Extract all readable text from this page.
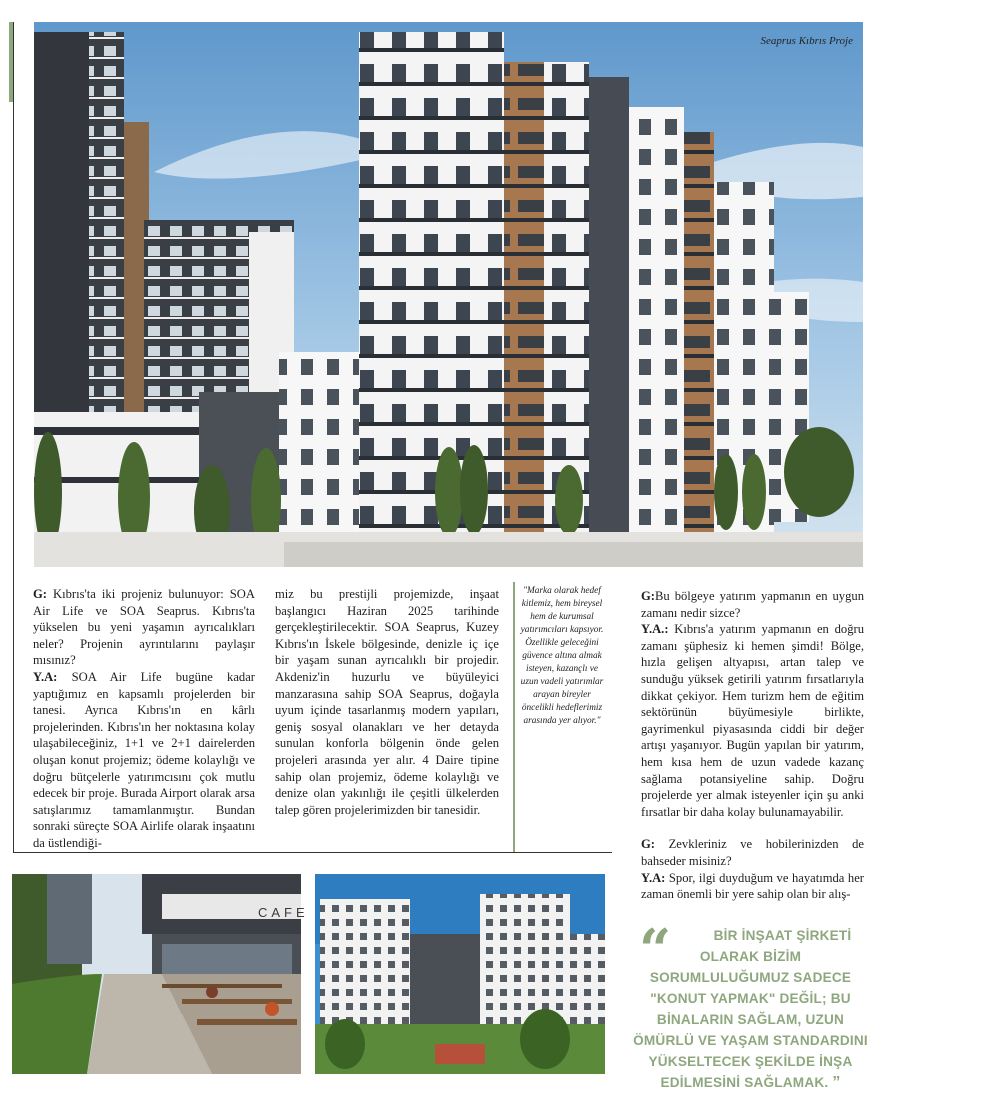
Seaprus Kıbrıs Proje

G: Kıbrıs'ta iki projeniz bulunuyor: SOA Air Life ve SOA Seaprus. Kıbrıs'ta yükselen bu yeni yaşamın ayrıcalıkları neler? Projenin ayrıntılarını paylaşır mısınız?

Y.A: SOA Air Life bugüne kadar yaptığımız en kapsamlı projelerden bir tanesi. Ayrıca Kıbrıs'ın en kârlı projelerinden. Kıbrıs'ın her noktasına kolay ulaşabileceğiniz, 1+1 ve 2+1 dairelerden oluşan konut projemiz; ödeme kolaylığı ve doğru bütçelerle yatırımcısını çok mutlu edecek bir proje. Burada Airport olarak arsa satışlarımız tamamlanmıştır. Bundan sonraki süreçte SOA Airlife olarak inşaatını da üstlendiği-

miz bu prestijli projemizde, inşaat başlangıcı Haziran 2025 tarihinde gerçekleştirilecektir. SOA Seaprus, Kuzey Kıbrıs'ın İskele bölgesinde, denizle iç içe bir yaşam sunan ayrıcalıklı bir projedir. Akdeniz'in huzurlu ve büyüleyici manzarasına sahip SOA Seaprus, doğayla uyum içinde tasarlanmış modern yapıları, geniş sosyal olanakları ve her detayda sunulan konforla bölgenin önde gelen projeleri arasında yer alır. 4 Daire tipine sahip olan projemiz, ödeme kolaylığı ve denize olan yakınlığı ile çeşitli ülkelerden talep gören projelerimizden bir tanesidir.

"Marka olarak hedef kitlemiz, hem bireysel hem de kurumsal yatırımcıları kapsıyor. Özellikle geleceğini güvence altına almak isteyen, kazançlı ve uzun vadeli yatırımlar arayan bireyler öncelikli hedeflerimiz arasında yer alıyor."

G:Bu bölgeye yatırım yapmanın en uygun zamanı nedir sizce?

Y.A.: Kıbrıs'a yatırım yapmanın en doğru zamanı şüphesiz ki hemen şimdi! Bölge, hızla gelişen altyapısı, artan talep ve sunduğu yüksek getirili yatırım fırsatlarıyla dikkat çekiyor. Hem turizm hem de eğitim sektörünün büyümesiyle birlikte, gayrimenkul piyasasında ciddi bir değer artışı yaşanıyor. Bugün yapılan bir yatırım, hem kısa hem de uzun vadede kazanç sağlama potansiyeline sahip. Doğru projelerde yer almak isteyenler için şu anki fırsatlar bir daha kolay bulunamayabilir.

G: Zevkleriniz ve hobilerinizden de bahseder misiniz?

Y.A: Spor, ilgi duyduğum ve hayatımda her zaman önemli bir yere sahip olan bir alış-

CAFE
“	BİR İNŞAAT ŞİRKETİ OLARAK BİZİM SORUMLULUĞUMUZ SADECE "KONUT YAPMAK" DEĞİL; BU BİNALARIN SAĞLAM, UZUN ÖMÜRLÜ VE YAŞAM STANDARDINI YÜKSELTECEK ŞEKİLDE İNŞA EDİLMESİNİ SAĞLAMAK. ”
